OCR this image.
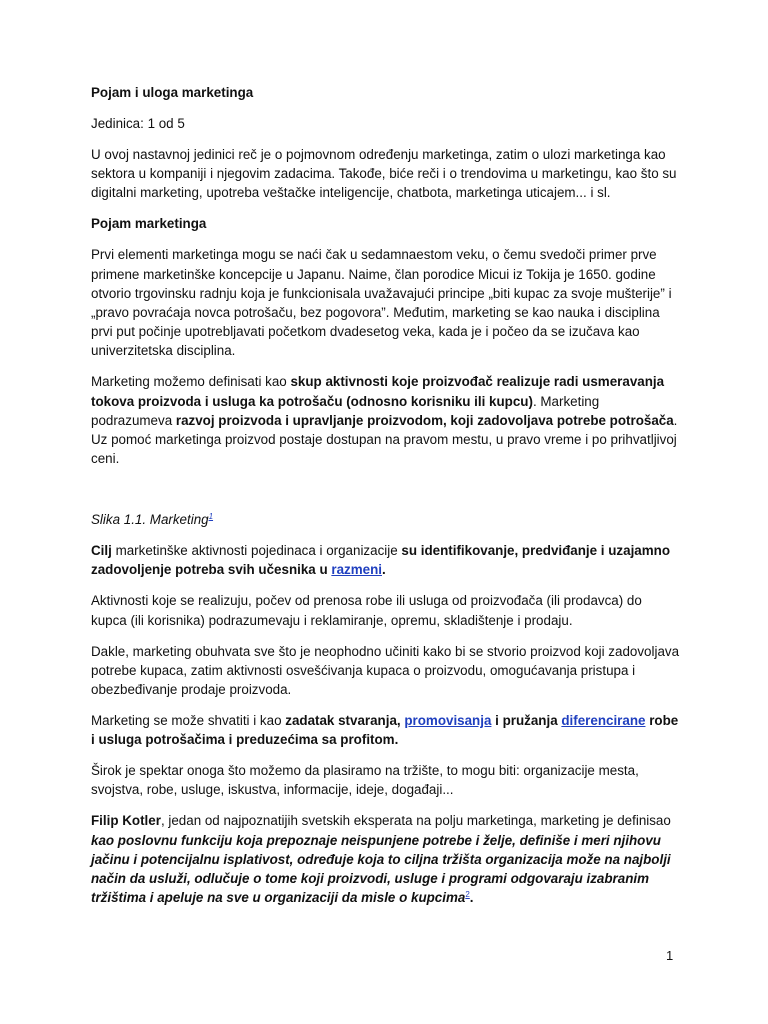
Pojam i uloga marketinga

Jedinica: 1 od 5

U ovoj nastavnoj jedinici reč je o pojmovnom određenju marketinga, zatim o ulozi marketinga kao sektora u kompaniji i njegovim zadacima. Takođe, biće reči i o trendovima u marketingu, kao što su digitalni marketing, upotreba veštačke inteligencije, chatbota, marketinga uticajem... i sl.

Pojam marketinga

Prvi elementi marketinga mogu se naći čak u sedamnaestom veku, o čemu svedoči primer prve primene marketinške koncepcije u Japanu. Naime, član porodice Micui iz Tokija je 1650. godine otvorio trgovinsku radnju koja je funkcionisala uvažavajući principe „biti kupac za svoje mušterije” i „pravo povraćaja novca potrošaču, bez pogovora”. Međutim, marketing se kao nauka i disciplina prvi put počinje upotrebljavati početkom dvadesetog veka, kada je i počeo da se izučava kao univerzitetska disciplina.

Marketing možemo definisati kao skup aktivnosti koje proizvođač realizuje radi usmeravanja tokova proizvoda i usluga ka potrošaču (odnosno korisniku ili kupcu). Marketing podrazumeva razvoj proizvoda i upravljanje proizvodom, koji zadovoljava potrebe potrošača. Uz pomoć marketinga proizvod postaje dostupan na pravom mestu, u pravo vreme i po prihvatljivoj ceni.

Slika 1.1. Marketing$^1$

Cilj marketinške aktivnosti pojedinaca i organizacije su identifikovanje, predviđanje i uzajamno zadovoljenje potreba svih učesnika u razmeni.

Aktivnosti koje se realizuju, počev od prenosa robe ili usluga od proizvođača (ili prodavca) do kupca (ili korisnika) podrazumevaju i reklamiranje, opremu, skladištenje i prodaju.

Dakle, marketing obuhvata sve što je neophodno učiniti kako bi se stvorio proizvod koji zadovoljava potrebe kupaca, zatim aktivnosti osvešćivanja kupaca o proizvodu, omogućavanja pristupa i obezbeđivanje prodaje proizvoda.

Marketing se može shvatiti i kao zadatak stvaranja, promovisanja i pružanja diferencirane robe i usluga potrošačima i preduzećima sa profitom.

Širok je spektar onoga što možemo da plasiramo na tržište, to mogu biti: organizacije mesta, svojstva, robe, usluge, iskustva, informacije, ideje, događaji...

Filip Kotler, jedan od najpoznatijih svetskih eksperata na polju marketinga, marketing je definisao kao poslovnu funkciju koja prepoznaje neispunjene potrebe i želje, definiše i meri njihovu jačinu i potencijalnu isplativost, određuje koja to ciljna tržišta organizacija može na najbolji način da usluži, odlučuje o tome koji proizvodi, usluge i programi odgovaraju izabranim tržištima i apeluje na sve u organizaciji da misle o kupcima$^2$.

1
